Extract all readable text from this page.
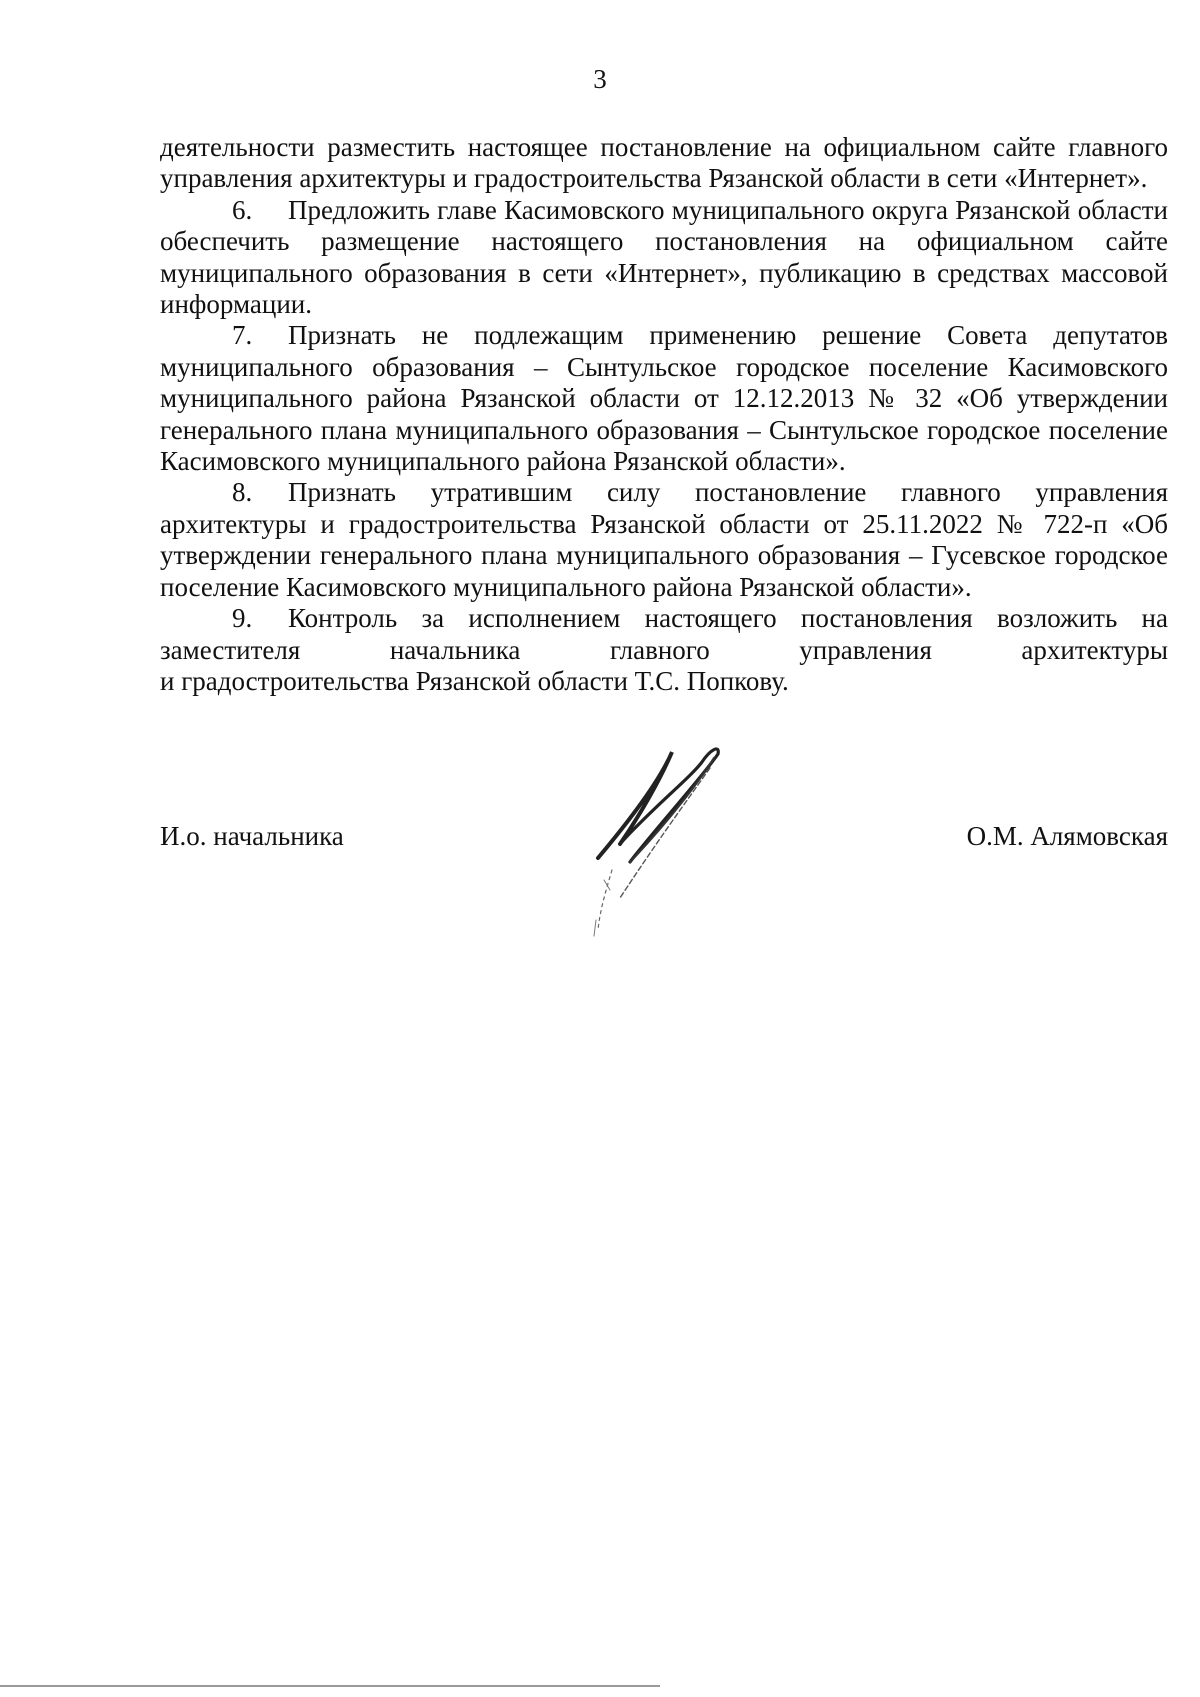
3

деятельности разместить настоящее постановление на официальном сайте главного управления архитектуры и градостроительства Рязанской области в сети «Интернет».

6. Предложить главе Касимовского муниципального округа Рязанской области обеспечить размещение настоящего постановления на официальном сайте муниципального образования в сети «Интернет», публикацию в средствах массовой информации.

7. Признать не подлежащим применению решение Совета депутатов муниципального образования – Сынтульское городское поселение Касимовского муниципального района Рязанской области от 12.12.2013 № 32 «Об утверждении генерального плана муниципального образования – Сынтульское городское поселение Касимовского муниципального района Рязанской области».

8. Признать утратившим силу постановление главного управления архитектуры и градостроительства Рязанской области от 25.11.2022 № 722-п «Об утверждении генерального плана муниципального образования – Гусевское городское поселение Касимовского муниципального района Рязанской области».

9. Контроль за исполнением настоящего постановления возложить на заместителя начальника главного управления архитектуры

и градостроительства Рязанской области Т.С. Попкову.

И.о. начальника	О.М. Алямовская
